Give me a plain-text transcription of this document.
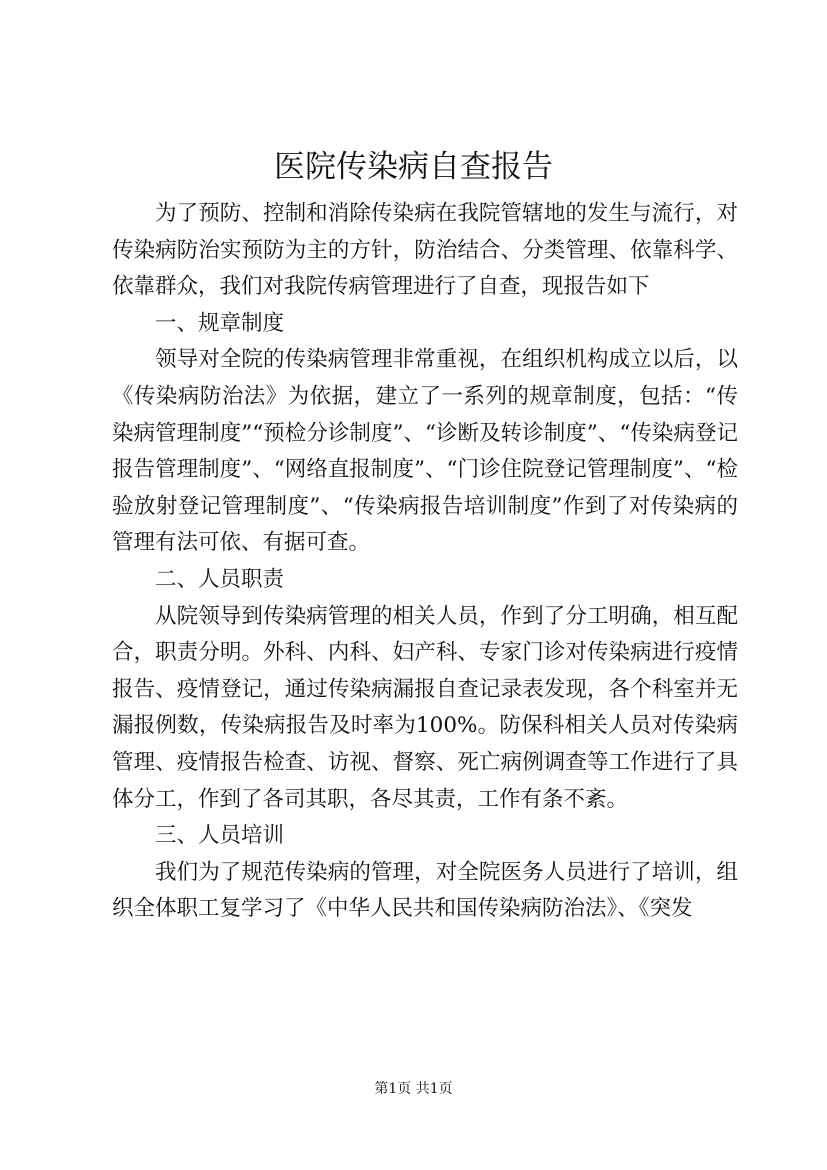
医院传染病自查报告

为了预防、控制和消除传染病在我院管辖地的发生与流行，对传染病防治实预防为主的方针，防治结合、分类管理、依靠科学、依靠群众，我们对我院传病管理进行了自查，现报告如下

一、规章制度

领导对全院的传染病管理非常重视，在组织机构成立以后，以《传染病防治法》为依据，建立了一系列的规章制度，包括：“传染病管理制度”“预检分诊制度”、“诊断及转诊制度”、“传染病登记报告管理制度”、“网络直报制度”、“门诊住院登记管理制度”、“检验放射登记管理制度”、“传染病报告培训制度”作到了对传染病的管理有法可依、有据可查。

二、人员职责

从院领导到传染病管理的相关人员，作到了分工明确，相互配合，职责分明。外科、内科、妇产科、专家门诊对传染病进行疫情报告、疫情登记，通过传染病漏报自查记录表发现，各个科室并无漏报例数，传染病报告及时率为100%。防保科相关人员对传染病管理、疫情报告检查、访视、督察、死亡病例调查等工作进行了具体分工，作到了各司其职，各尽其责，工作有条不紊。

三、人员培训

我们为了规范传染病的管理，对全院医务人员进行了培训，组织全体职工复学习了《中华人民共和国传染病防治法》、《突发

第1页 共1页
